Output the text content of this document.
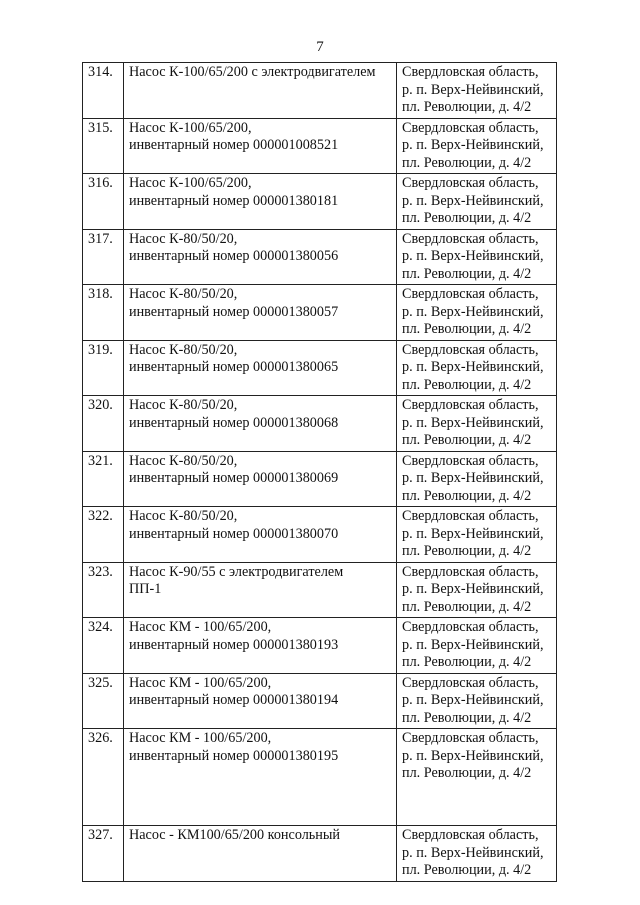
7
314.	Насос К-100/65/200 с электродвигателем	Свердловская область,
р. п. Верх-Нейвинский,
пл. Революции, д. 4/2

315.	Насос К-100/65/200,
инвентарный номер 000001008521	Свердловская область,
р. п. Верх-Нейвинский,
пл. Революции, д. 4/2

316.	Насос К-100/65/200,
инвентарный номер 000001380181	Свердловская область,
р. п. Верх-Нейвинский,
пл. Революции, д. 4/2

317.	Насос К-80/50/20,
инвентарный номер 000001380056	Свердловская область,
р. п. Верх-Нейвинский,
пл. Революции, д. 4/2

318.	Насос К-80/50/20,
инвентарный номер 000001380057	Свердловская область,
р. п. Верх-Нейвинский,
пл. Революции, д. 4/2

319.	Насос К-80/50/20,
инвентарный номер 000001380065	Свердловская область,
р. п. Верх-Нейвинский,
пл. Революции, д. 4/2

320.	Насос К-80/50/20,
инвентарный номер 000001380068	Свердловская область,
р. п. Верх-Нейвинский,
пл. Революции, д. 4/2

321.	Насос К-80/50/20,
инвентарный номер 000001380069	Свердловская область,
р. п. Верх-Нейвинский,
пл. Революции, д. 4/2

322.	Насос К-80/50/20,
инвентарный номер 000001380070	Свердловская область,
р. п. Верх-Нейвинский,
пл. Революции, д. 4/2

323.	Насос К-90/55 с электродвигателем
ПП-1	Свердловская область,
р. п. Верх-Нейвинский,
пл. Революции, д. 4/2

324.	Насос КМ - 100/65/200,
инвентарный номер 000001380193	Свердловская область,
р. п. Верх-Нейвинский,
пл. Революции, д. 4/2

325.	Насос КМ - 100/65/200,
инвентарный номер 000001380194	Свердловская область,
р. п. Верх-Нейвинский,
пл. Революции, д. 4/2

326.	Насос КМ - 100/65/200,
инвентарный номер 000001380195	Свердловская область,
р. п. Верх-Нейвинский,
пл. Революции, д. 4/2

327.	Насос - КМ100/65/200 консольный	Свердловская область,
р. п. Верх-Нейвинский,
пл. Революции, д. 4/2
